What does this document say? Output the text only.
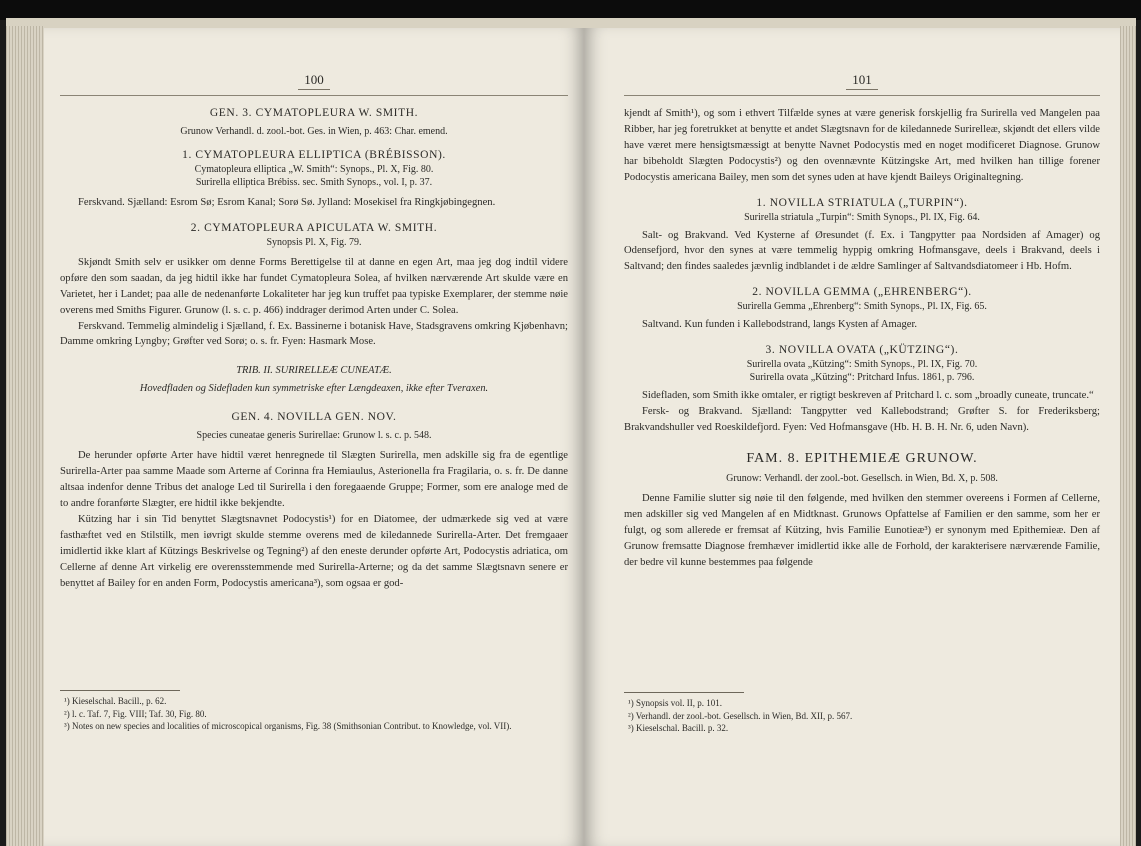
100
GEN. 3. CYMATOPLEURA W. SMITH.
Grunow Verhandl. d. zool.-bot. Ges. in Wien, p. 463: Char. emend.
1. CYMATOPLEURA ELLIPTICA (BRÉBISSON).
Cymatopleura elliptica „W. Smith“: Synops., Pl. X, Fig. 80.
Surirella elliptica Brébiss. sec. Smith Synops., vol. I, p. 37.

Ferskvand. Sjælland: Esrom Sø; Esrom Kanal; Sorø Sø. Jylland: Mosekisel fra Ringkjøbingegnen.

2. CYMATOPLEURA APICULATA W. SMITH.
Synopsis Pl. X, Fig. 79.

Skjøndt Smith selv er usikker om denne Forms Berettigelse til at danne en egen Art, maa jeg dog indtil videre opføre den som saadan, da jeg hidtil ikke har fundet Cymatopleura Solea, af hvilken nærværende Art skulde være en Varietet, her i Landet; paa alle de nedenanførte Lokaliteter har jeg kun truffet paa typiske Exemplarer, der stemme nøie overens med Smiths Figurer. Grunow (l. s. c. p. 466) inddrager derimod Arten under C. Solea.

Ferskvand. Temmelig almindelig i Sjælland, f. Ex. Bassinerne i botanisk Have, Stadsgravens omkring Kjøbenhavn; Damme omkring Lyngby; Grøfter ved Sorø; o. s. fr. Fyen: Hasmark Mose.

TRIB. II. SURIRELLEÆ CUNEATÆ.
Hovedfladen og Sidefladen kun symmetriske efter Længdeaxen, ikke efter Tveraxen.
GEN. 4. NOVILLA GEN. NOV.
Species cuneatae generis Surirellae: Grunow l. s. c. p. 548.

De herunder opførte Arter have hidtil været henregnede til Slægten Surirella, men adskille sig fra de egentlige Surirella-Arter paa samme Maade som Arterne af Corinna fra Hemiaulus, Asterionella fra Fragilaria, o. s. fr. De danne altsaa indenfor denne Tribus det analoge Led til Surirella i den foregaaende Gruppe; Former, som ere analoge med de to andre foranførte Slægter, ere hidtil ikke bekjendte.

Kützing har i sin Tid benyttet Slægtsnavnet Podocystis¹) for en Diatomee, der udmærkede sig ved at være fasthæftet ved en Stilstilk, men iøvrigt skulde stemme overens med de kiledannede Surirella-Arter. Det fremgaaer imidlertid ikke klart af Kützings Beskrivelse og Tegning²) af den eneste derunder opførte Art, Podocystis adriatica, om Cellerne af denne Art virkelig ere overensstemmende med Surirella-Arterne; og da det samme Slægtsnavn senere er benyttet af Bailey for en anden Form, Podocystis americana³), som ogsaa er god-

¹) Kieselschal. Bacill., p. 62.
²) l. c. Taf. 7, Fig. VIII; Taf. 30, Fig. 80.
³) Notes on new species and localities of microscopical organisms, Fig. 38 (Smithsonian Contribut. to Knowledge, vol. VII).
101

kjendt af Smith¹), og som i ethvert Tilfælde synes at være generisk forskjellig fra Surirella ved Mangelen paa Ribber, har jeg foretrukket at benytte et andet Slægtsnavn for de kiledannede Surirelleæ, skjøndt det ellers vilde have været mere hensigtsmæssigt at benytte Navnet Podocystis med en noget modificeret Diagnose. Grunow har bibeholdt Slægten Podocystis²) og den ovennævnte Kützingske Art, med hvilken han tillige forener Podocystis americana Bailey, men som det synes uden at have kjendt Baileys Originaltegning.

1. NOVILLA STRIATULA („TURPIN“).
Surirella striatula „Turpin“: Smith Synops., Pl. IX, Fig. 64.

Salt- og Brakvand. Ved Kysterne af Øresundet (f. Ex. i Tangpytter paa Nordsiden af Amager) og Odensefjord, hvor den synes at være temmelig hyppig omkring Hofmansgave, deels i Brakvand, deels i Saltvand; den findes saaledes jævnlig indblandet i de ældre Samlinger af Saltvandsdiatomeer i Hb. Hofm.

2. NOVILLA GEMMA („EHRENBERG“).
Surirella Gemma „Ehrenberg“: Smith Synops., Pl. IX, Fig. 65.

Saltvand. Kun funden i Kallebodstrand, langs Kysten af Amager.

3. NOVILLA OVATA („KÜTZING“).
Surirella ovata „Kützing“: Smith Synops., Pl. IX, Fig. 70.
Surirella ovata „Kützing“: Pritchard Infus. 1861, p. 796.

Sidefladen, som Smith ikke omtaler, er rigtigt beskreven af Pritchard l. c. som „broadly cuneate, truncate.“

Fersk- og Brakvand. Sjælland: Tangpytter ved Kallebodstrand; Grøfter S. for Frederiksberg; Brakvandshuller ved Roeskildefjord. Fyen: Ved Hofmansgave (Hb. H. B. H. Nr. 6, uden Navn).

FAM. 8. EPITHEMIEÆ GRUNOW.
Grunow: Verhandl. der zool.-bot. Gesellsch. in Wien, Bd. X, p. 508.

Denne Familie slutter sig nøie til den følgende, med hvilken den stemmer overeens i Formen af Cellerne, men adskiller sig ved Mangelen af en Midtknast. Grunows Opfattelse af Familien er den samme, som her er fulgt, og som allerede er fremsat af Kützing, hvis Familie Eunotieæ³) er synonym med Epithemieæ. Den af Grunow fremsatte Diagnose fremhæver imidlertid ikke alle de Forhold, der karakterisere nærværende Familie, der bedre vil kunne bestemmes paa følgende

¹) Synopsis vol. II, p. 101.
²) Verhandl. der zool.-bot. Gesellsch. in Wien, Bd. XII, p. 567.
³) Kieselschal. Bacill. p. 32.
